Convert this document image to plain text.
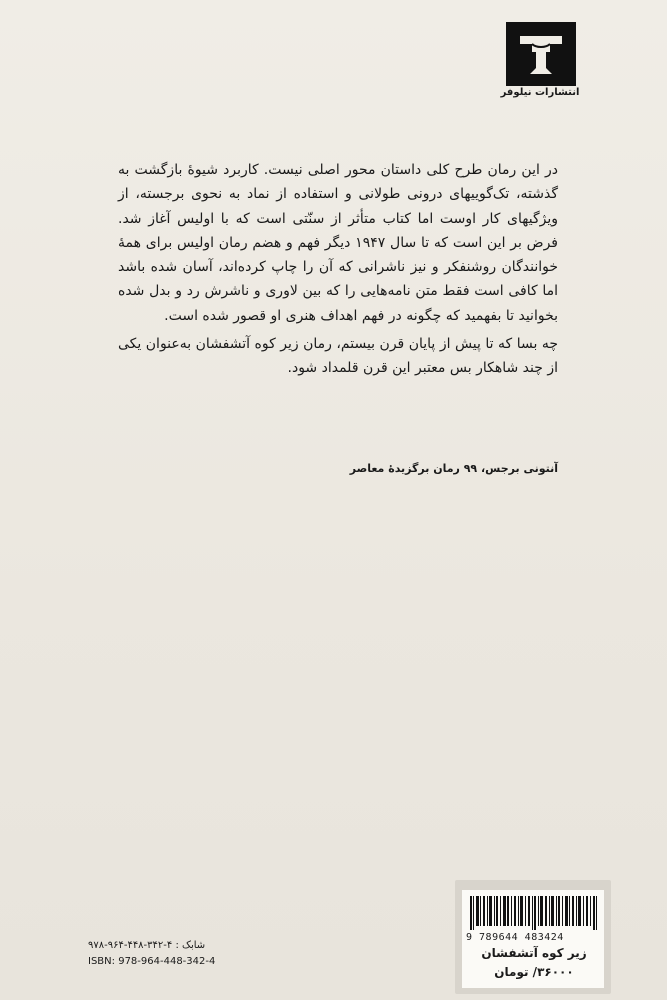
انتشارات نیلوفر

در این رمان طرح کلی داستان محور اصلی نیست. کاربرد شیوهٔ بازگشت به گذشته، تک‌گوییهای درونی طولانی و استفاده از نماد به نحوی برجسته، از ویژگیهای کار اوست اما کتاب متأثر از سنّتی است که با اولیس آغاز شد. فرض بر این است که تا سال ۱۹۴۷ دیگر فهم و هضم رمان اولیس برای همهٔ خوانندگان روشنفکر و نیز ناشرانی که آن را چاپ کرده‌اند، آسان شده باشد اما کافی است فقط متن نامه‌هایی را که بین لاوری و ناشرش رد و بدل شده بخوانید تا بفهمید که چگونه در فهم اهداف هنری او قصور شده است.

چه بسا که تا پیش از پایان قرن بیستم، رمان زیر کوه آتشفشان به‌عنوان یکی از چند شاهکار بس معتبر این قرن قلمداد شود.

آنتونی برجس، ۹۹ رمان برگزیدهٔ معاصر
شابک : ۹۷۸-۹۶۴-۴۴۸-۳۴۲-۴
ISBN: 978-964-448-342-4
9 789644 483424
زیر کوه آتشفشان
۳۶۰۰۰/ تومان
